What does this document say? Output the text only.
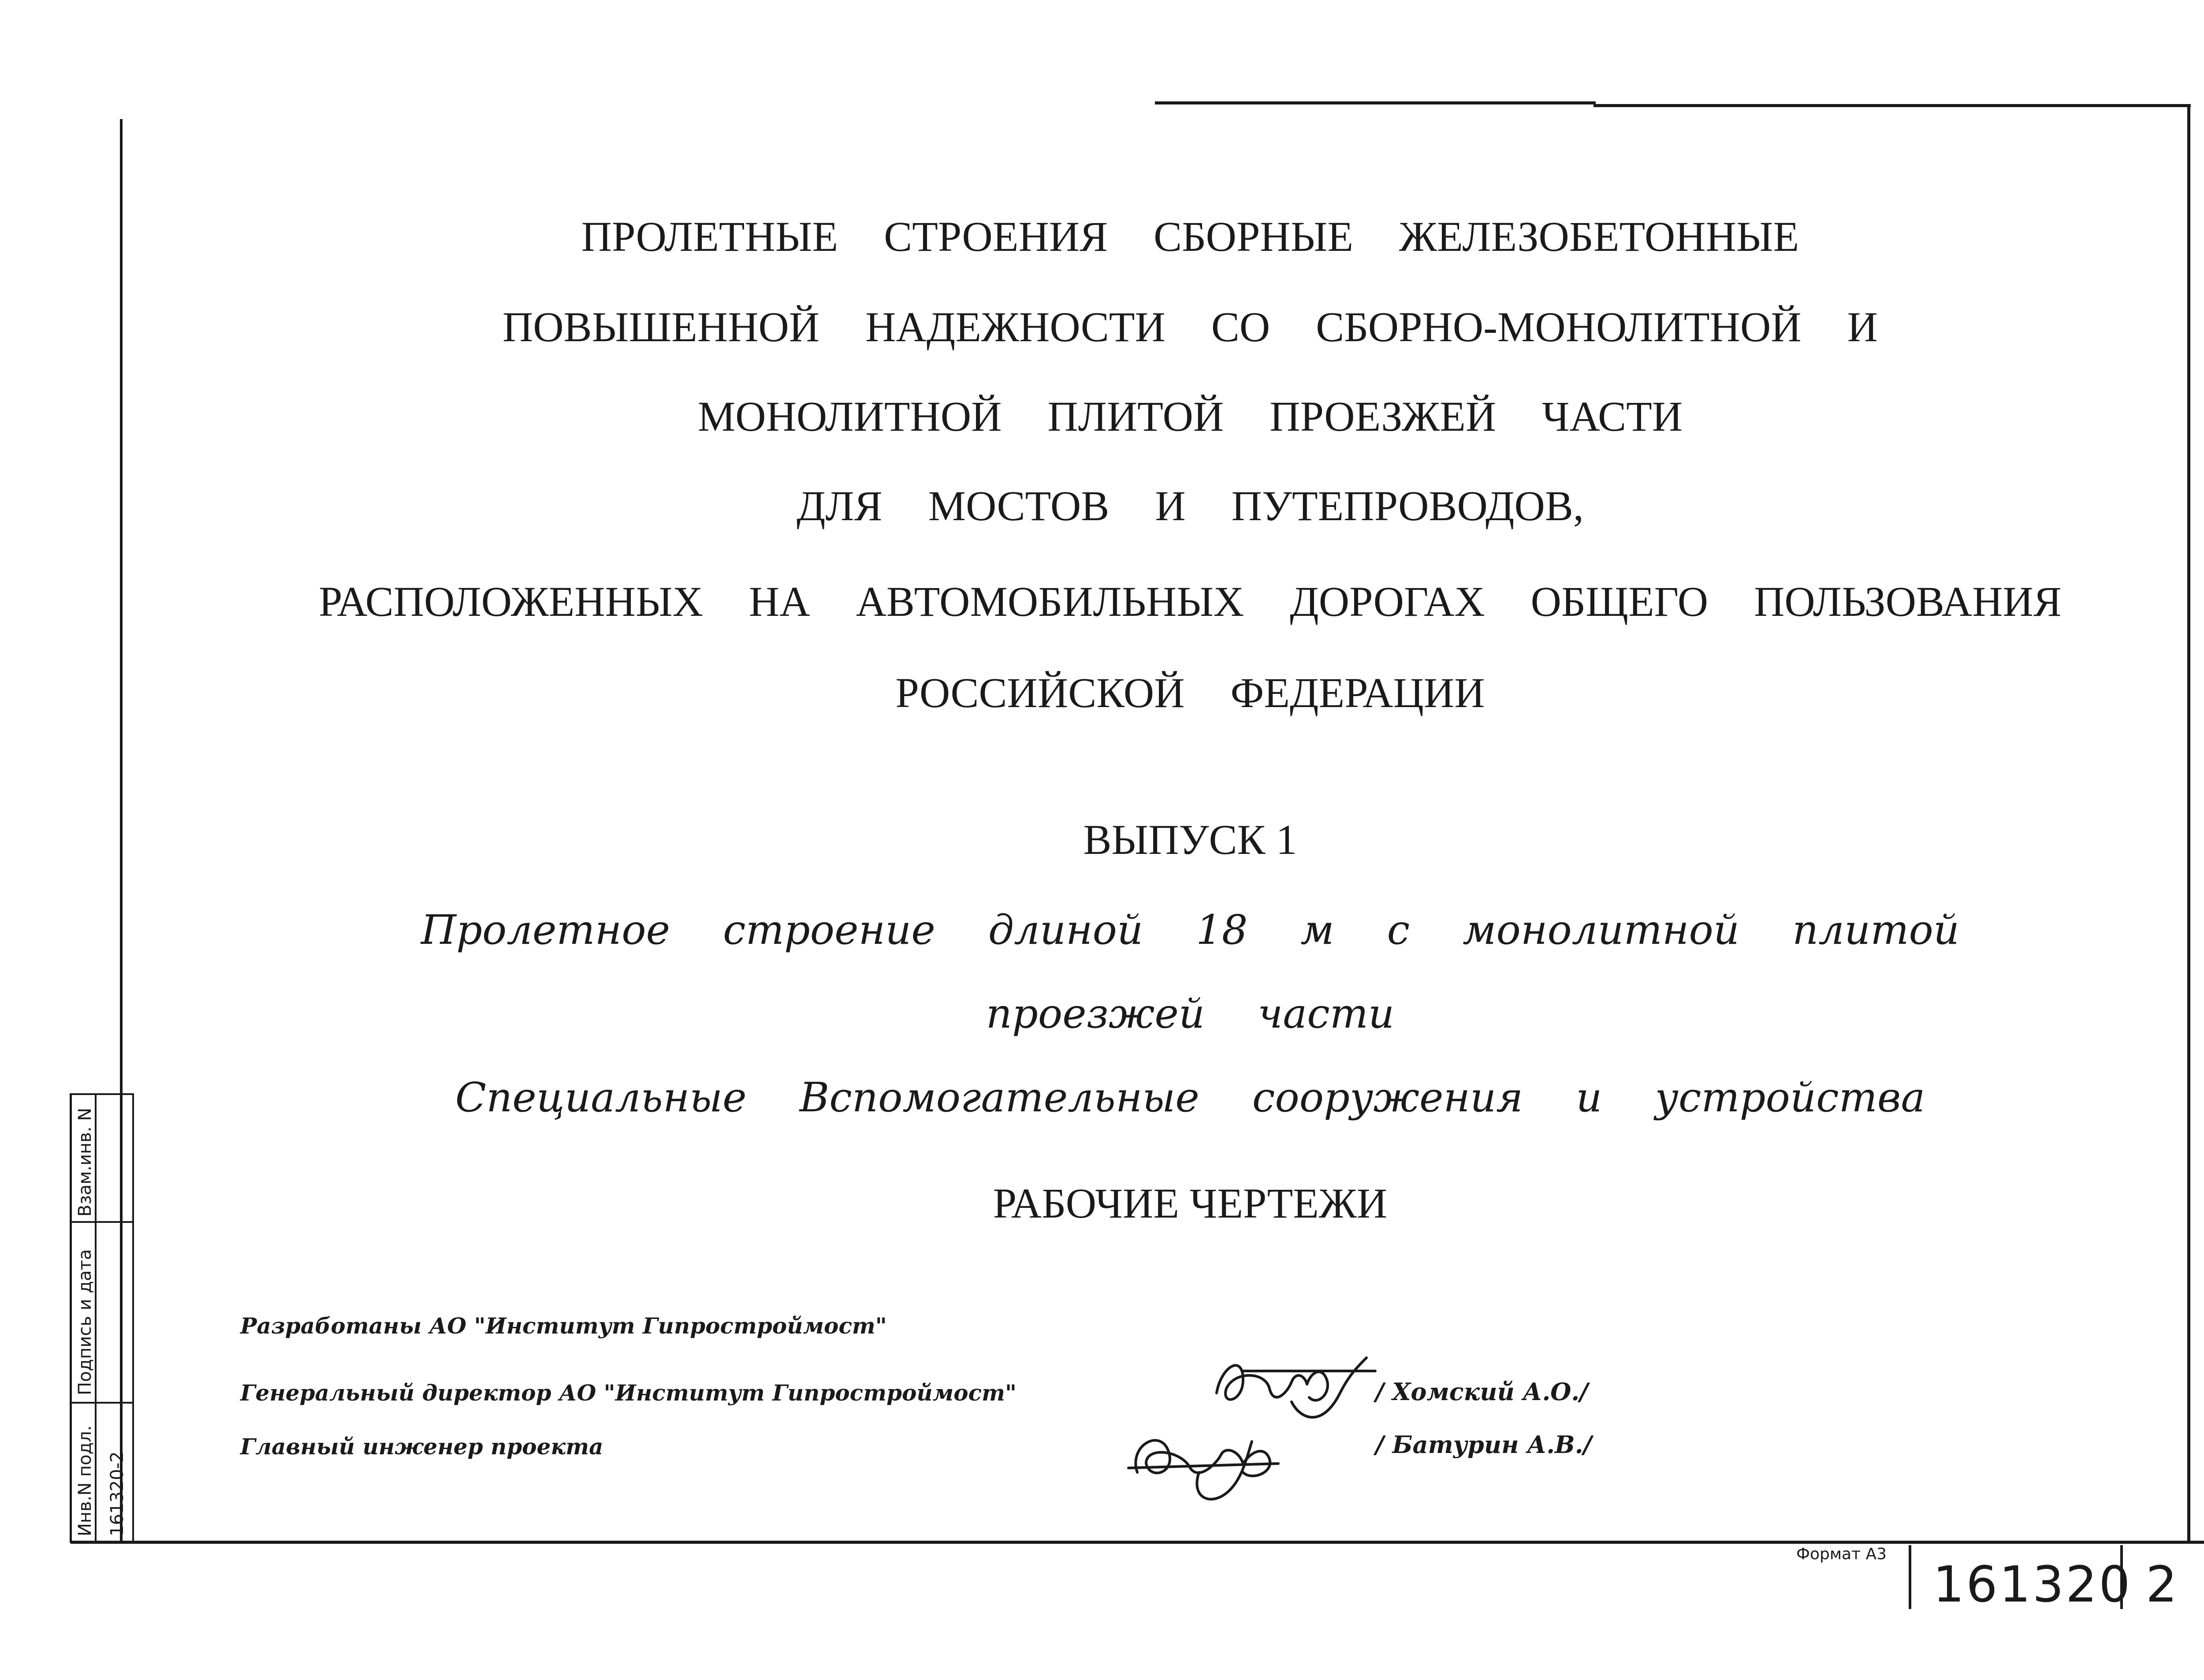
Взам.инв. N
Подпись и дата
Инв.N подл. 161320-2
ПРОЛЕТНЫЕ СТРОЕНИЯ СБОРНЫЕ ЖЕЛЕЗОБЕТОННЫЕ
ПОВЫШЕННОЙ НАДЕЖНОСТИ СО СБОРНО-МОНОЛИТНОЙ И
МОНОЛИТНОЙ ПЛИТОЙ ПРОЕЗЖЕЙ ЧАСТИ
ДЛЯ МОСТОВ И ПУТЕПРОВОДОВ,
РАСПОЛОЖЕННЫХ НА АВТОМОБИЛЬНЫХ ДОРОГАХ ОБЩЕГО ПОЛЬЗОВАНИЯ
РОССИЙСКОЙ ФЕДЕРАЦИИ
ВЫПУСК 1
Пролетное строение длиной 18 м с монолитной плитой
проезжей части
Специальные Вспомогательные сооружения и устройства
РАБОЧИЕ ЧЕРТЕЖИ
Разработаны АО "Институт Гипростроймост"
Генеральный директор АО "Институт Гипростроймост"
Главный инженер проекта
/ Хомский А.О./
/ Батурин А.В./
Формат А3
161320 2
